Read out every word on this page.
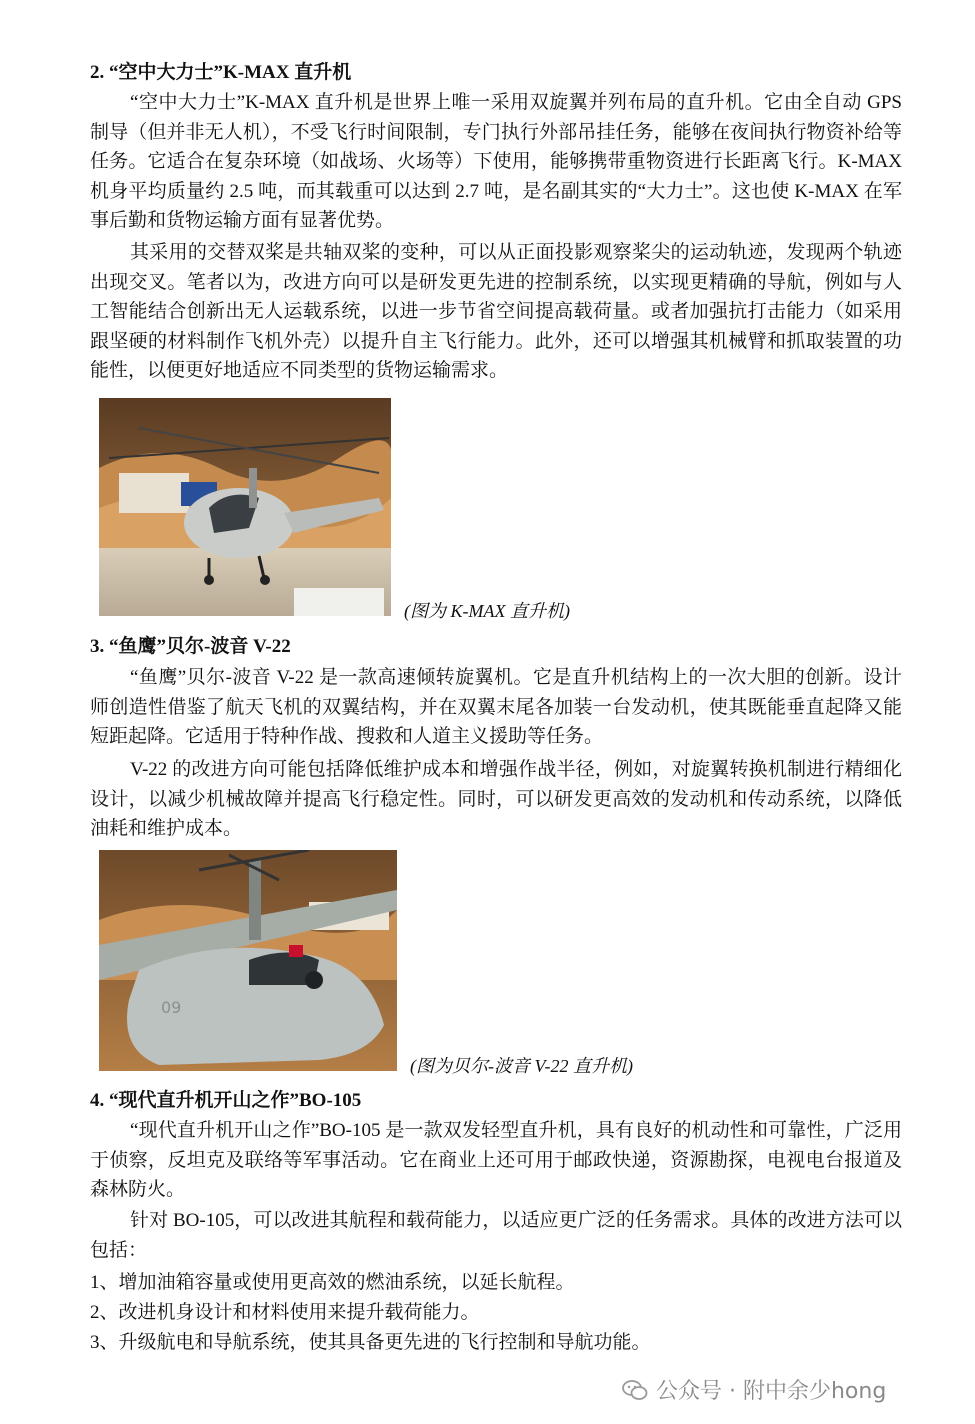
2. “空中大力士”K-MAX 直升机

“空中大力士”K-MAX 直升机是世界上唯一采用双旋翼并列布局的直升机。它由全自动 GPS 制导（但并非无人机），不受飞行时间限制，专门执行外部吊挂任务，能够在夜间执行物资补给等任务。它适合在复杂环境（如战场、火场等）下使用，能够携带重物资进行长距离飞行。K-MAX 机身平均质量约 2.5 吨，而其载重可以达到 2.7 吨，是名副其实的“大力士”。这也使 K-MAX 在军事后勤和货物运输方面有显著优势。

其采用的交替双桨是共轴双桨的变种，可以从正面投影观察桨尖的运动轨迹，发现两个轨迹出现交叉。笔者以为，改进方向可以是研发更先进的控制系统，以实现更精确的导航，例如与人工智能结合创新出无人运载系统，以进一步节省空间提高载荷量。或者加强抗打击能力（如采用跟坚硬的材料制作飞机外壳）以提升自主飞行能力。此外，还可以增强其机械臂和抓取装置的功能性，以便更好地适应不同类型的货物运输需求。

(图为 K-MAX 直升机)
3. “鱼鹰”贝尔-波音 V-22

“鱼鹰”贝尔-波音 V-22 是一款高速倾转旋翼机。它是直升机结构上的一次大胆的创新。设计师创造性借鉴了航天飞机的双翼结构，并在双翼末尾各加装一台发动机，使其既能垂直起降又能短距起降。它适用于特种作战、搜救和人道主义援助等任务。

V-22 的改进方向可能包括降低维护成本和增强作战半径，例如，对旋翼转换机制进行精细化设计，以减少机械故障并提高飞行稳定性。同时，可以研发更高效的发动机和传动系统，以降低油耗和维护成本。

09
(图为贝尔-波音 V-22 直升机)
4. “现代直升机开山之作”BO-105

“现代直升机开山之作”BO-105 是一款双发轻型直升机，具有良好的机动性和可靠性，广泛用于侦察，反坦克及联络等军事活动。它在商业上还可用于邮政快递，资源勘探，电视电台报道及森林防火。

针对 BO-105，可以改进其航程和载荷能力，以适应更广泛的任务需求。具体的改进方法可以包括：

1、增加油箱容量或使用更高效的燃油系统，以延长航程。
2、改进机身设计和材料使用来提升载荷能力。
3、升级航电和导航系统，使其具备更先进的飞行控制和导航功能。
公众号 · 附中余少hong
